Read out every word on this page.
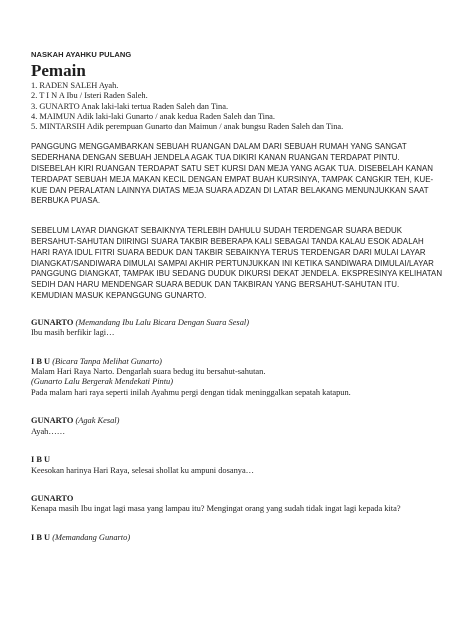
NASKAH AYAHKU PULANG

Pemain
1. RADEN SALEH Ayah.
2. T I N A Ibu / Isteri Raden Saleh.
3. GUNARTO Anak laki-laki tertua Raden Saleh dan Tina.
4. MAIMUN Adik laki-laki Gunarto / anak kedua Raden Saleh dan Tina.
5. MINTARSIH Adik perempuan Gunarto dan Maimun / anak bungsu Raden Saleh dan Tina.

PANGGUNG MENGGAMBARKAN SEBUAH RUANGAN DALAM DARI SEBUAH RUMAH YANG SANGAT SEDERHANA DENGAN SEBUAH JENDELA AGAK TUA DIKIRI KANAN RUANGAN TERDAPAT PINTU. DISEBELAH KIRI RUANGAN TERDAPAT SATU SET KURSI DAN MEJA YANG AGAK TUA. DISEBELAH KANAN TERDAPAT SEBUAH MEJA MAKAN KECIL DENGAN EMPAT BUAH KURSINYA, TAMPAK CANGKIR TEH, KUE-KUE DAN PERALATAN LAINNYA DIATAS MEJA SUARA ADZAN DI LATAR BELAKANG MENUNJUKKAN SAAT BERBUKA PUASA.

SEBELUM LAYAR DIANGKAT SEBAIKNYA TERLEBIH DAHULU SUDAH TERDENGAR SUARA BEDUK BERSAHUT-SAHUTAN DIIRINGI SUARA TAKBIR BEBERAPA KALI SEBAGAI TANDA KALAU ESOK ADALAH HARI RAYA IDUL FITRI SUARA BEDUK DAN TAKBIR SEBAIKNYA TERUS TERDENGAR DARI MULAI LAYAR DIANGKAT/SANDIWARA DIMULAI SAMPAI AKHIR PERTUNJUKKAN INI KETIKA SANDIWARA DIMULAI/LAYAR PANGGUNG DIANGKAT, TAMPAK IBU SEDANG DUDUK DIKURSI DEKAT JENDELA. EKSPRESINYA KELIHATAN SEDIH DAN HARU MENDENGAR SUARA BEDUK DAN TAKBIRAN YANG BERSAHUT-SAHUTAN ITU. KEMUDIAN MASUK KEPANGGUNG GUNARTO.

GUNARTO (Memandang Ibu Lalu Bicara Dengan Suara Sesal)

Ibu masih berfikir lagi…

I B U (Bicara Tanpa Melihat Gunarto)

Malam Hari Raya Narto. Dengarlah suara bedug itu bersahut-sahutan.

(Gunarto Lalu Bergerak Mendekati Pintu)

Pada malam hari raya seperti inilah Ayahmu pergi dengan tidak meninggalkan sepatah katapun.

GUNARTO (Agak Kesal)

Ayah……

I B U

Keesokan harinya Hari Raya, selesai shollat ku ampuni dosanya…

GUNARTO

Kenapa masih Ibu ingat lagi masa yang lampau itu? Mengingat orang yang sudah tidak ingat lagi kepada kita?

I B U (Memandang Gunarto)
